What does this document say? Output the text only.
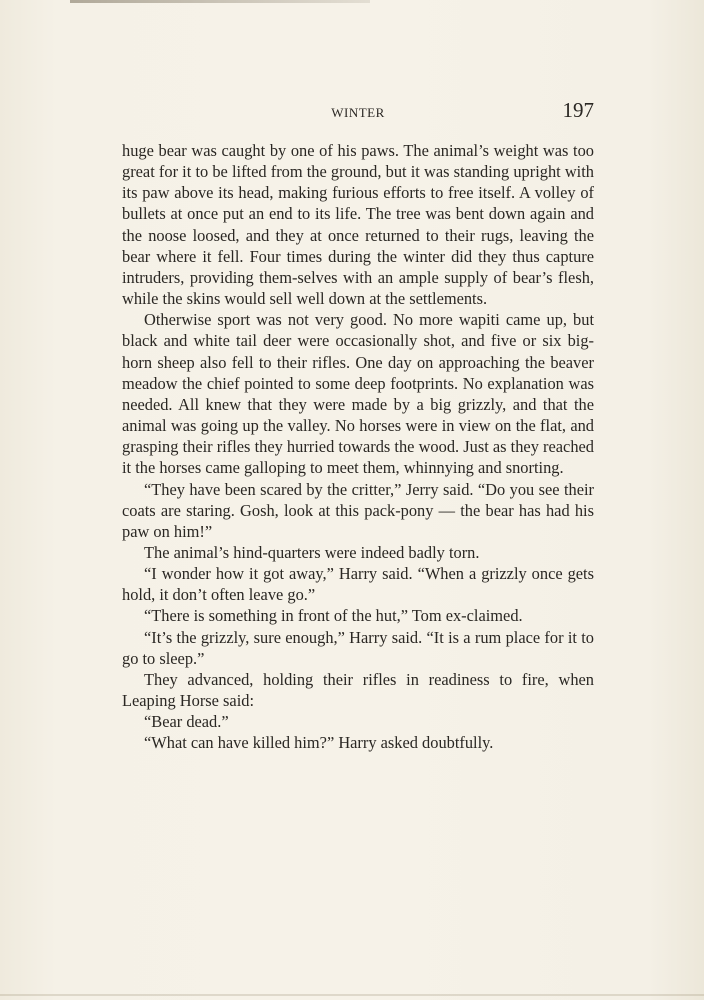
WINTER	197

huge bear was caught by one of his paws. The animal’s weight was too great for it to be lifted from the ground, but it was standing upright with its paw above its head, making furious efforts to free itself. A volley of bullets at once put an end to its life. The tree was bent down again and the noose loosed, and they at once returned to their rugs, leaving the bear where it fell. Four times during the winter did they thus capture intruders, providing them-selves with an ample supply of bear’s flesh, while the skins would sell well down at the settlements.

Otherwise sport was not very good. No more wapiti came up, but black and white tail deer were occasionally shot, and five or six big-horn sheep also fell to their rifles. One day on approaching the beaver meadow the chief pointed to some deep footprints. No explanation was needed. All knew that they were made by a big grizzly, and that the animal was going up the valley. No horses were in view on the flat, and grasping their rifles they hurried towards the wood. Just as they reached it the horses came galloping to meet them, whinnying and snorting.

“They have been scared by the critter,” Jerry said. “Do you see their coats are staring. Gosh, look at this pack-pony — the bear has had his paw on him!”

The animal’s hind-quarters were indeed badly torn.

“I wonder how it got away,” Harry said. “When a grizzly once gets hold, it don’t often leave go.”

“There is something in front of the hut,” Tom ex-claimed.

“It’s the grizzly, sure enough,” Harry said. “It is a rum place for it to go to sleep.”

They advanced, holding their rifles in readiness to fire, when Leaping Horse said:

“Bear dead.”

“What can have killed him?” Harry asked doubtfully.
